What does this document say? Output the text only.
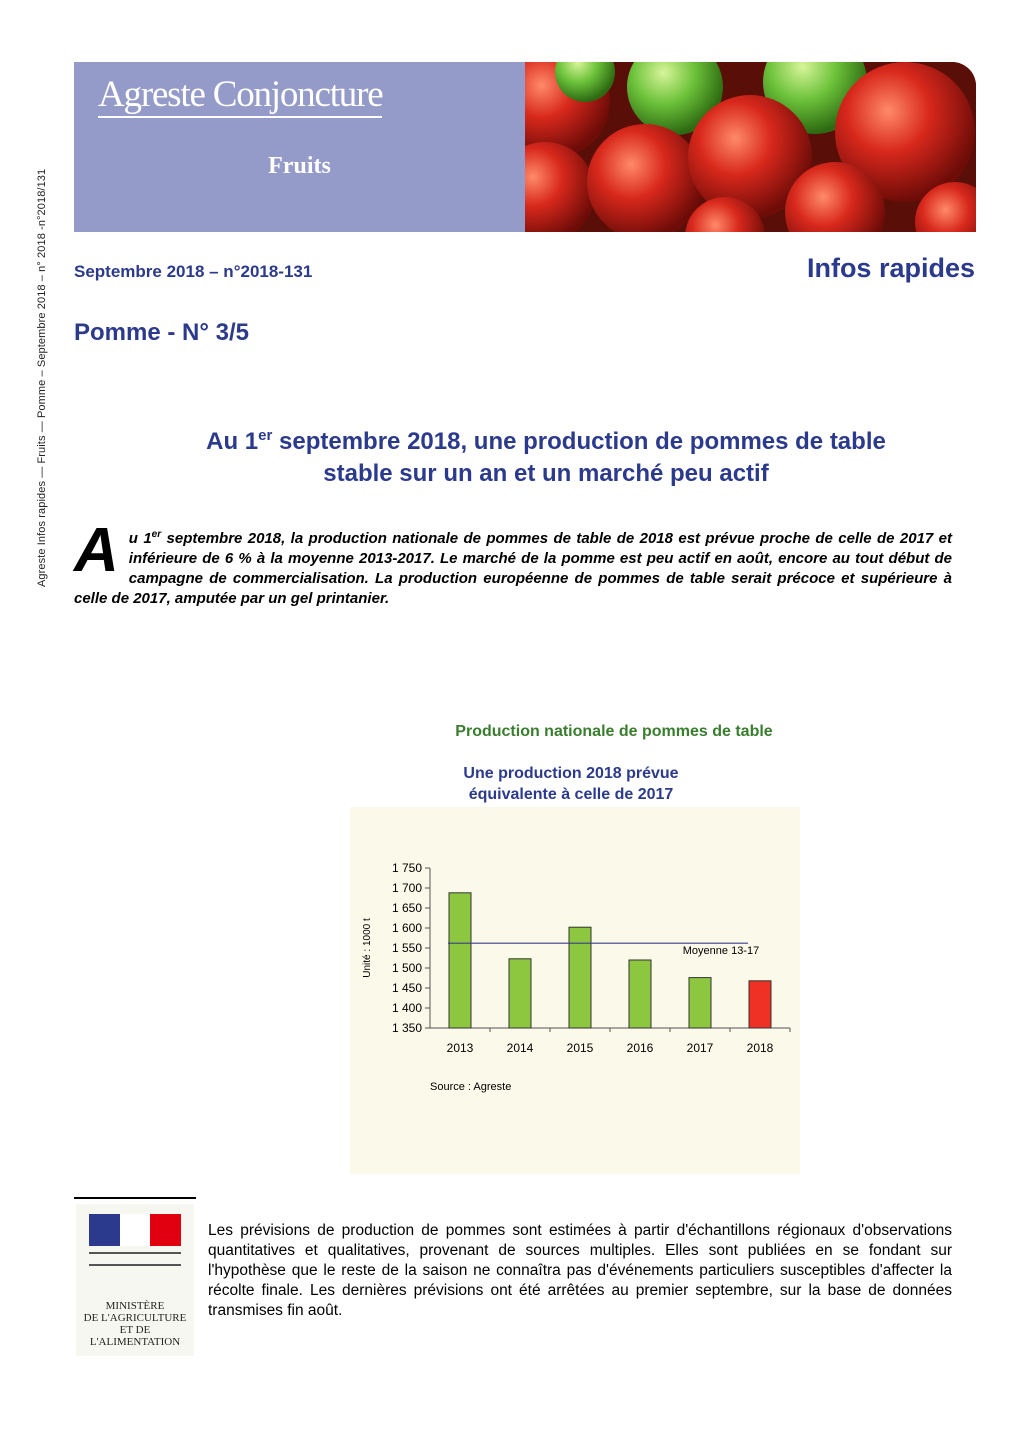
Agreste Infos rapides — Fruits — Pomme – Septembre 2018 – n° 2018 -n°2018/131
Agreste Conjoncture
Fruits
Septembre 2018 – n°2018-131	Infos rapides
Pomme - N° 3/5
Au 1er septembre 2018, une production de pommes de table
stable sur un an et un marché peu actif

Au 1er septembre 2018, la production nationale de pommes de table de 2018 est prévue proche de celle de 2017 et inférieure de 6 % à la moyenne 2013-2017. Le marché de la pomme est peu actif en août, encore au tout début de campagne de commercialisation. La production européenne de pommes de table serait précoce et supérieure à celle de 2017, amputée par un gel printanier.

Production nationale de pommes de table
Une production 2018 prévue équivalente à celle de 2017
1 350
1 400
1 450
1 500
1 550
1 600
1 650
1 700
1 750
Unité : 1000 t
2013	2014	2015	2016	2017	2018
Moyenne 13-17
Source : Agreste
MINISTÈRE
DE L'AGRICULTURE
ET DE
L'ALIMENTATION

Les prévisions de production de pommes sont estimées à partir d'échantillons régionaux d'observations quantitatives et qualitatives, provenant de sources multiples. Elles sont publiées en se fondant sur l'hypothèse que le reste de la saison ne connaîtra pas d'événements particuliers susceptibles d'affecter la récolte finale. Les dernières prévisions ont été arrêtées au premier septembre, sur la base de données transmises fin août.
